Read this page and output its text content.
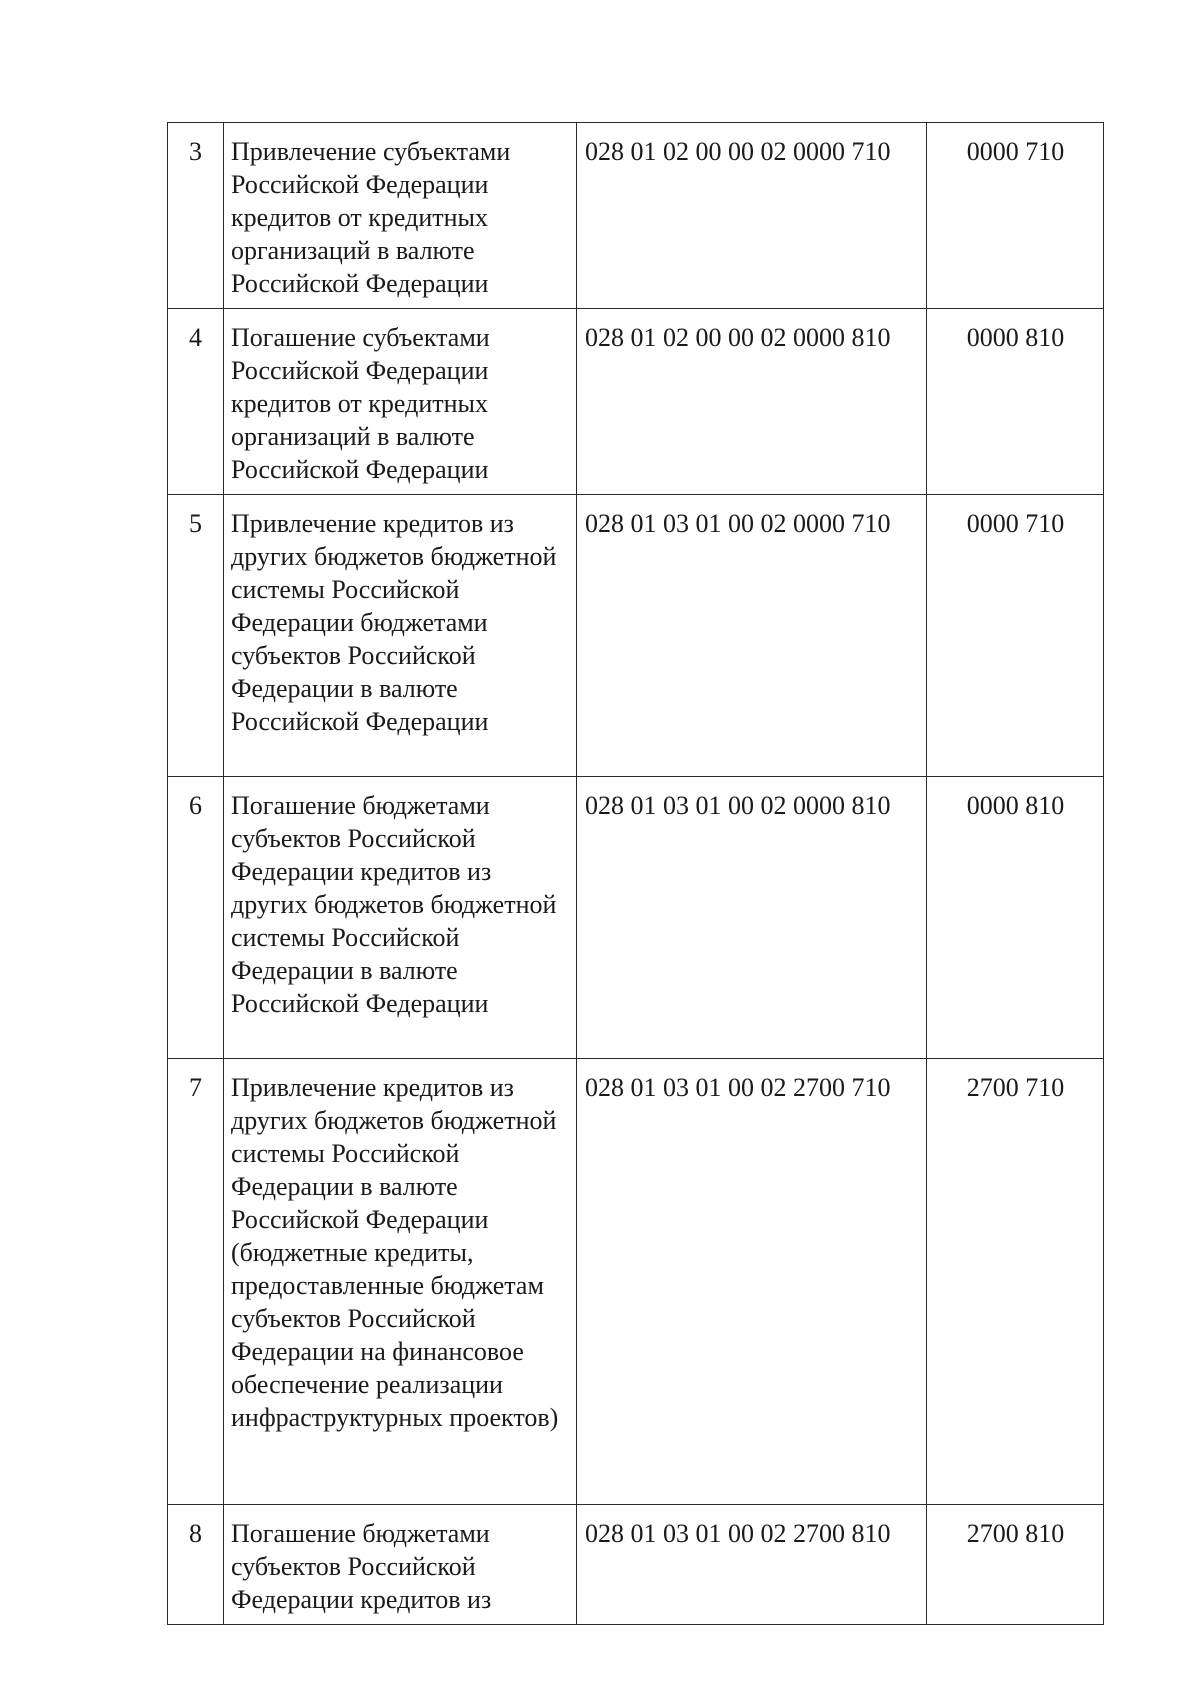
3	Привлечение субъектами Российской Федерации кредитов от кредитных организаций в валюте Российской Федерации	028 01 02 00 00 02 0000 710	0000 710
4	Погашение субъектами Российской Федерации кредитов от кредитных организаций в валюте Российской Федерации	028 01 02 00 00 02 0000 810	0000 810
5	Привлечение кредитов из других бюджетов бюджетной системы Российской Федерации бюджетами субъектов Российской Федерации в валюте Российской Федерации	028 01 03 01 00 02 0000 710	0000 710
6	Погашение бюджетами субъектов Российской Федерации кредитов из других бюджетов бюджетной системы Российской Федерации в валюте Российской Федерации	028 01 03 01 00 02 0000 810	0000 810
7	Привлечение кредитов из других бюджетов бюджетной системы Российской Федерации в валюте Российской Федерации (бюджетные кредиты, предоставленные бюджетам субъектов Российской Федерации на финансовое обеспечение реализации инфраструктурных проектов)	028 01 03 01 00 02 2700 710	2700 710
8	Погашение бюджетами субъектов Российской Федерации кредитов из	028 01 03 01 00 02 2700 810	2700 810
